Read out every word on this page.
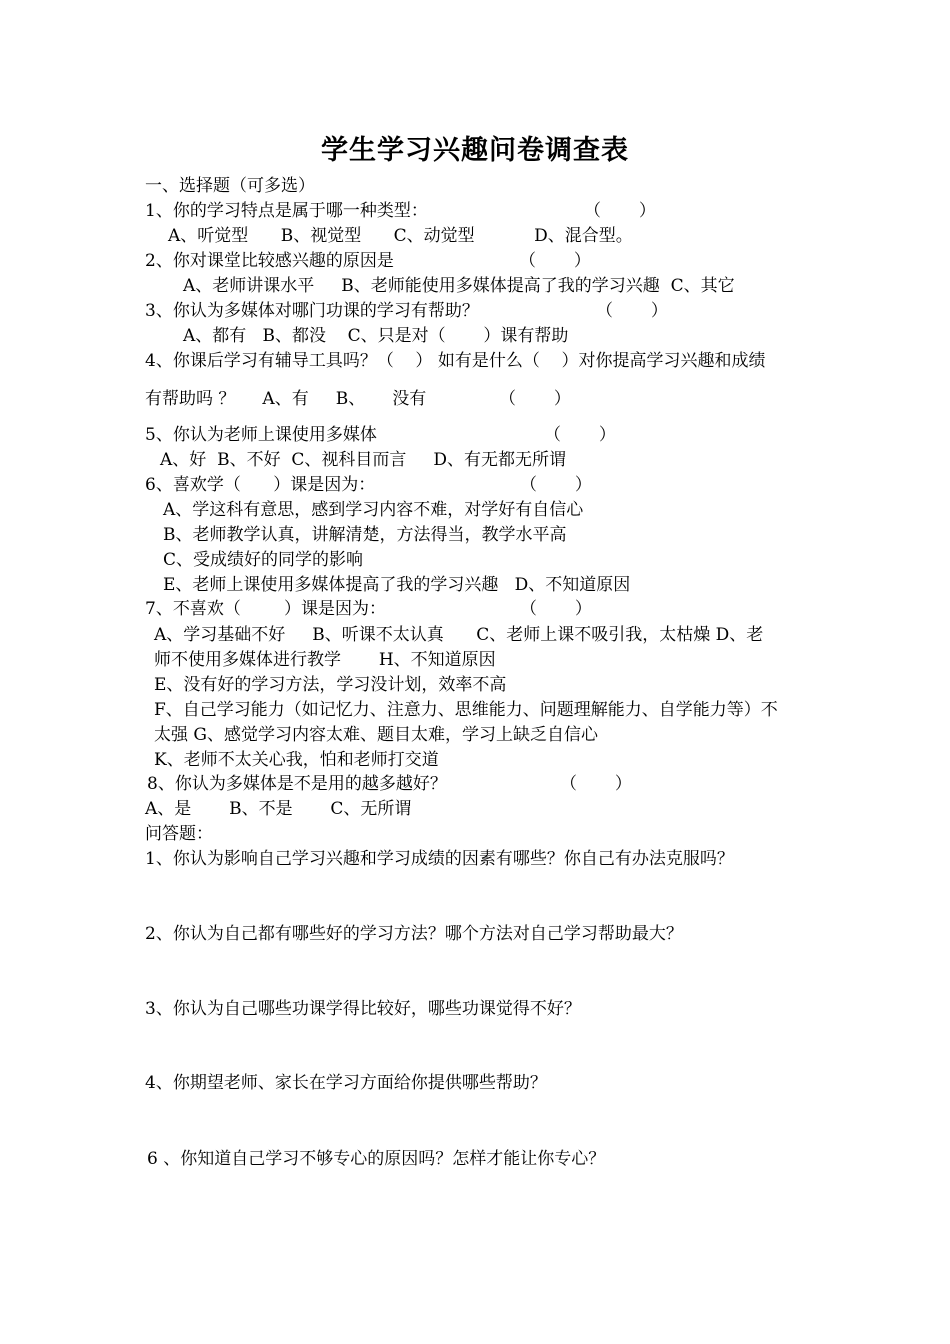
学生学习兴趣问卷调查表
一、选择题（可多选）
1、你的学习特点是属于哪一种类型：	（       ）
A、听觉型      B、视觉型      C、动觉型           D、混合型。
2、你对课堂比较感兴趣的原因是	（       ）
A、老师讲课水平     B、老师能使用多媒体提高了我的学习兴趣  C、其它
3、你认为多媒体对哪门功课的学习有帮助？	（       ）
A、都有   B、都没    C、只是对（       ）课有帮助
4、你课后学习有辅导工具吗？（    ） 如有是什么（    ）对你提高学习兴趣和成绩
有帮助吗 ？     A、有     B、     没有	（       ）
5、你认为老师上课使用多媒体	（       ）
A、好  B、不好  C、视科目而言     D、有无都无所谓
6、喜欢学（      ）课是因为：	（       ）
A、学这科有意思，感到学习内容不难，对学好有自信心
B、老师教学认真，讲解清楚，方法得当，教学水平高
C、受成绩好的同学的影响
E、老师上课使用多媒体提高了我的学习兴趣   D、不知道原因
7、不喜欢（        ）课是因为：	（       ）
A、学习基础不好     B、听课不太认真      C、老师上课不吸引我，太枯燥 D、老
师不使用多媒体进行教学       H、不知道原因
E、没有好的学习方法，学习没计划，效率不高
F、自己学习能力（如记忆力、注意力、思维能力、问题理解能力、自学能力等）不
太强 G、感觉学习内容太难、题目太难，学习上缺乏自信心
K、老师不太关心我，怕和老师打交道
8、你认为多媒体是不是用的越多越好？	（       ）
A、是       B、不是       C、无所谓
问答题：
1、你认为影响自己学习兴趣和学习成绩的因素有哪些？你自己有办法克服吗？
2、你认为自己都有哪些好的学习方法？哪个方法对自己学习帮助最大？
3、你认为自己哪些功课学得比较好，哪些功课觉得不好？
4、你期望老师、家长在学习方面给你提供哪些帮助？
6 、你知道自己学习不够专心的原因吗？怎样才能让你专心？
